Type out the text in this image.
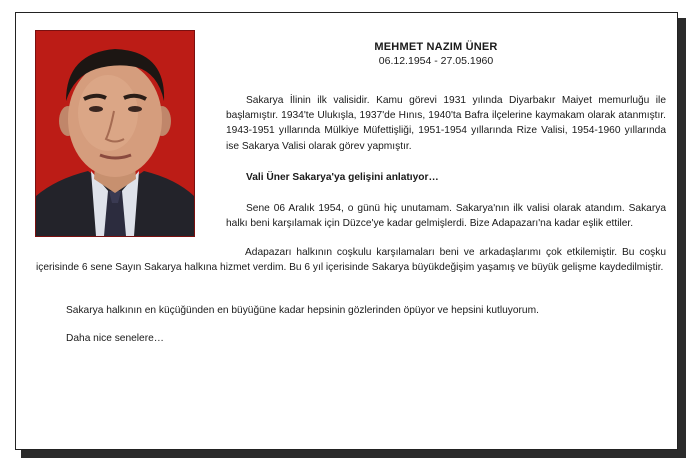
MEHMET NAZIM ÜNER
06.12.1954 - 27.05.1960

Sakarya İlinin ilk valisidir. Kamu görevi 1931 yılında Diyarbakır Maiyet memurluğu ile başlamıştır. 1934'te Ulukışla, 1937'de Hınıs, 1940'ta Bafra ilçelerine kaymakam olarak atanmıştır. 1943-1951 yıllarında Mülkiye Müfettişliği, 1951-1954 yıllarında Rize Valisi, 1954-1960 yıllarında ise Sakarya Valisi olarak görev yapmıştır.

Vali Üner Sakarya'ya gelişini anlatıyor…

Sene 06 Aralık 1954, o günü hiç unutamam. Sakarya'nın ilk valisi olarak atandım. Sakarya halkı beni karşılamak için Düzce'ye kadar gelmişlerdi. Bize Adapazarı'na kadar eşlik ettiler.

Adapazarı halkının coşkulu karşılamaları beni ve arkadaşlarımı çok etkilemiştir. Bu coşku içerisinde 6 sene Sayın Sakarya halkına hizmet verdim. Bu 6 yıl içerisinde Sakarya büyükdeğişim yaşamış ve büyük gelişme kaydedilmiştir.

Sakarya halkının en küçüğünden en büyüğüne kadar hepsinin gözlerinden öpüyor ve hepsini kutluyorum.

Daha nice senelere…
